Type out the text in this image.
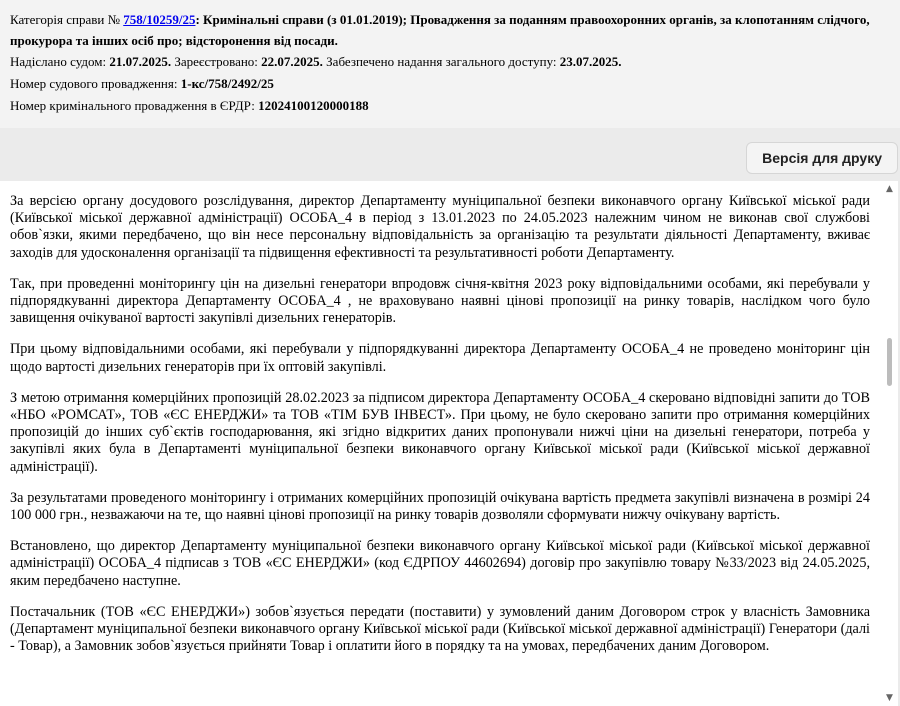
Категорія справи № 758/10259/25: Кримінальні справи (з 01.01.2019); Провадження за поданням правоохоронних органів, за клопотанням слідчого, прокурора та інших осіб про; відсторонення від посади.
Надіслано судом: 21.07.2025. Зареєстровано: 22.07.2025. Забезпечено надання загального доступу: 23.07.2025.
Номер судового провадження: 1-кс/758/2492/25
Номер кримінального провадження в ЄРДР: 12024100120000188
Версія для друку

За версією органу досудового розслідування, директор Департаменту муніципальної безпеки виконавчого органу Київської міської ради (Київської міської державної адміністрації) ОСОБА_4 в період з 13.01.2023 по 24.05.2023 належним чином не виконав свої службові обов`язки, якими передбачено, що він несе персональну відповідальність за організацію та результати діяльності Департаменту, вживає заходів для удосконалення організації та підвищення ефективності та результативності роботи Департаменту.

Так, при проведенні моніторингу цін на дизельні генератори впродовж січня-квітня 2023 року відповідальними особами, які перебували у підпорядкуванні директора Департаменту ОСОБА_4 , не враховувано наявні цінові пропозиції на ринку товарів, наслідком чого було завищення очікуваної вартості закупівлі дизельних генераторів.

При цьому відповідальними особами, які перебували у підпорядкуванні директора Департаменту ОСОБА_4 не проведено моніторинг цін щодо вартості дизельних генераторів при їх оптовій закупівлі.

З метою отримання комерційних пропозицій 28.02.2023 за підписом директора Департаменту ОСОБА_4 скеровано відповідні запити до ТОВ «НБО «РОМСАТ», ТОВ «ЄС ЕНЕРДЖИ» та ТОВ «ТІМ БУВ ІНВЕСТ». При цьому, не було скеровано запити про отримання комерційних пропозицій до інших суб`єктів господарювання, які згідно відкритих даних пропонували нижчі ціни на дизельні генератори, потреба у закупівлі яких була в Департаменті муніципальної безпеки виконавчого органу Київської міської ради (Київської міської державної адміністрації).

За результатами проведеного моніторингу і отриманих комерційних пропозицій очікувана вартість предмета закупівлі визначена в розмірі 24 100 000 грн., незважаючи на те, що наявні цінові пропозиції на ринку товарів дозволяли сформувати нижчу очікувану вартість.

Встановлено, що директор Департаменту муніципальної безпеки виконавчого органу Київської міської ради (Київської міської державної адміністрації) ОСОБА_4 підписав з ТОВ «ЄС ЕНЕРДЖИ» (код ЄДРПОУ 44602694) договір про закупівлю товару №33/2023 від 24.05.2025, яким передбачено наступне.

Постачальник (ТОВ «ЄС ЕНЕРДЖИ») зобов`язується передати (поставити) у зумовлений даним Договором строк у власність Замовника (Департамент муніципальної безпеки виконавчого органу Київської міської ради (Київської міської державної адміністрації) Генератори (далі - Товар), а Замовник зобов`язується прийняти Товар і оплатити його в порядку та на умовах, передбачених даним Договором.

▲
▼
